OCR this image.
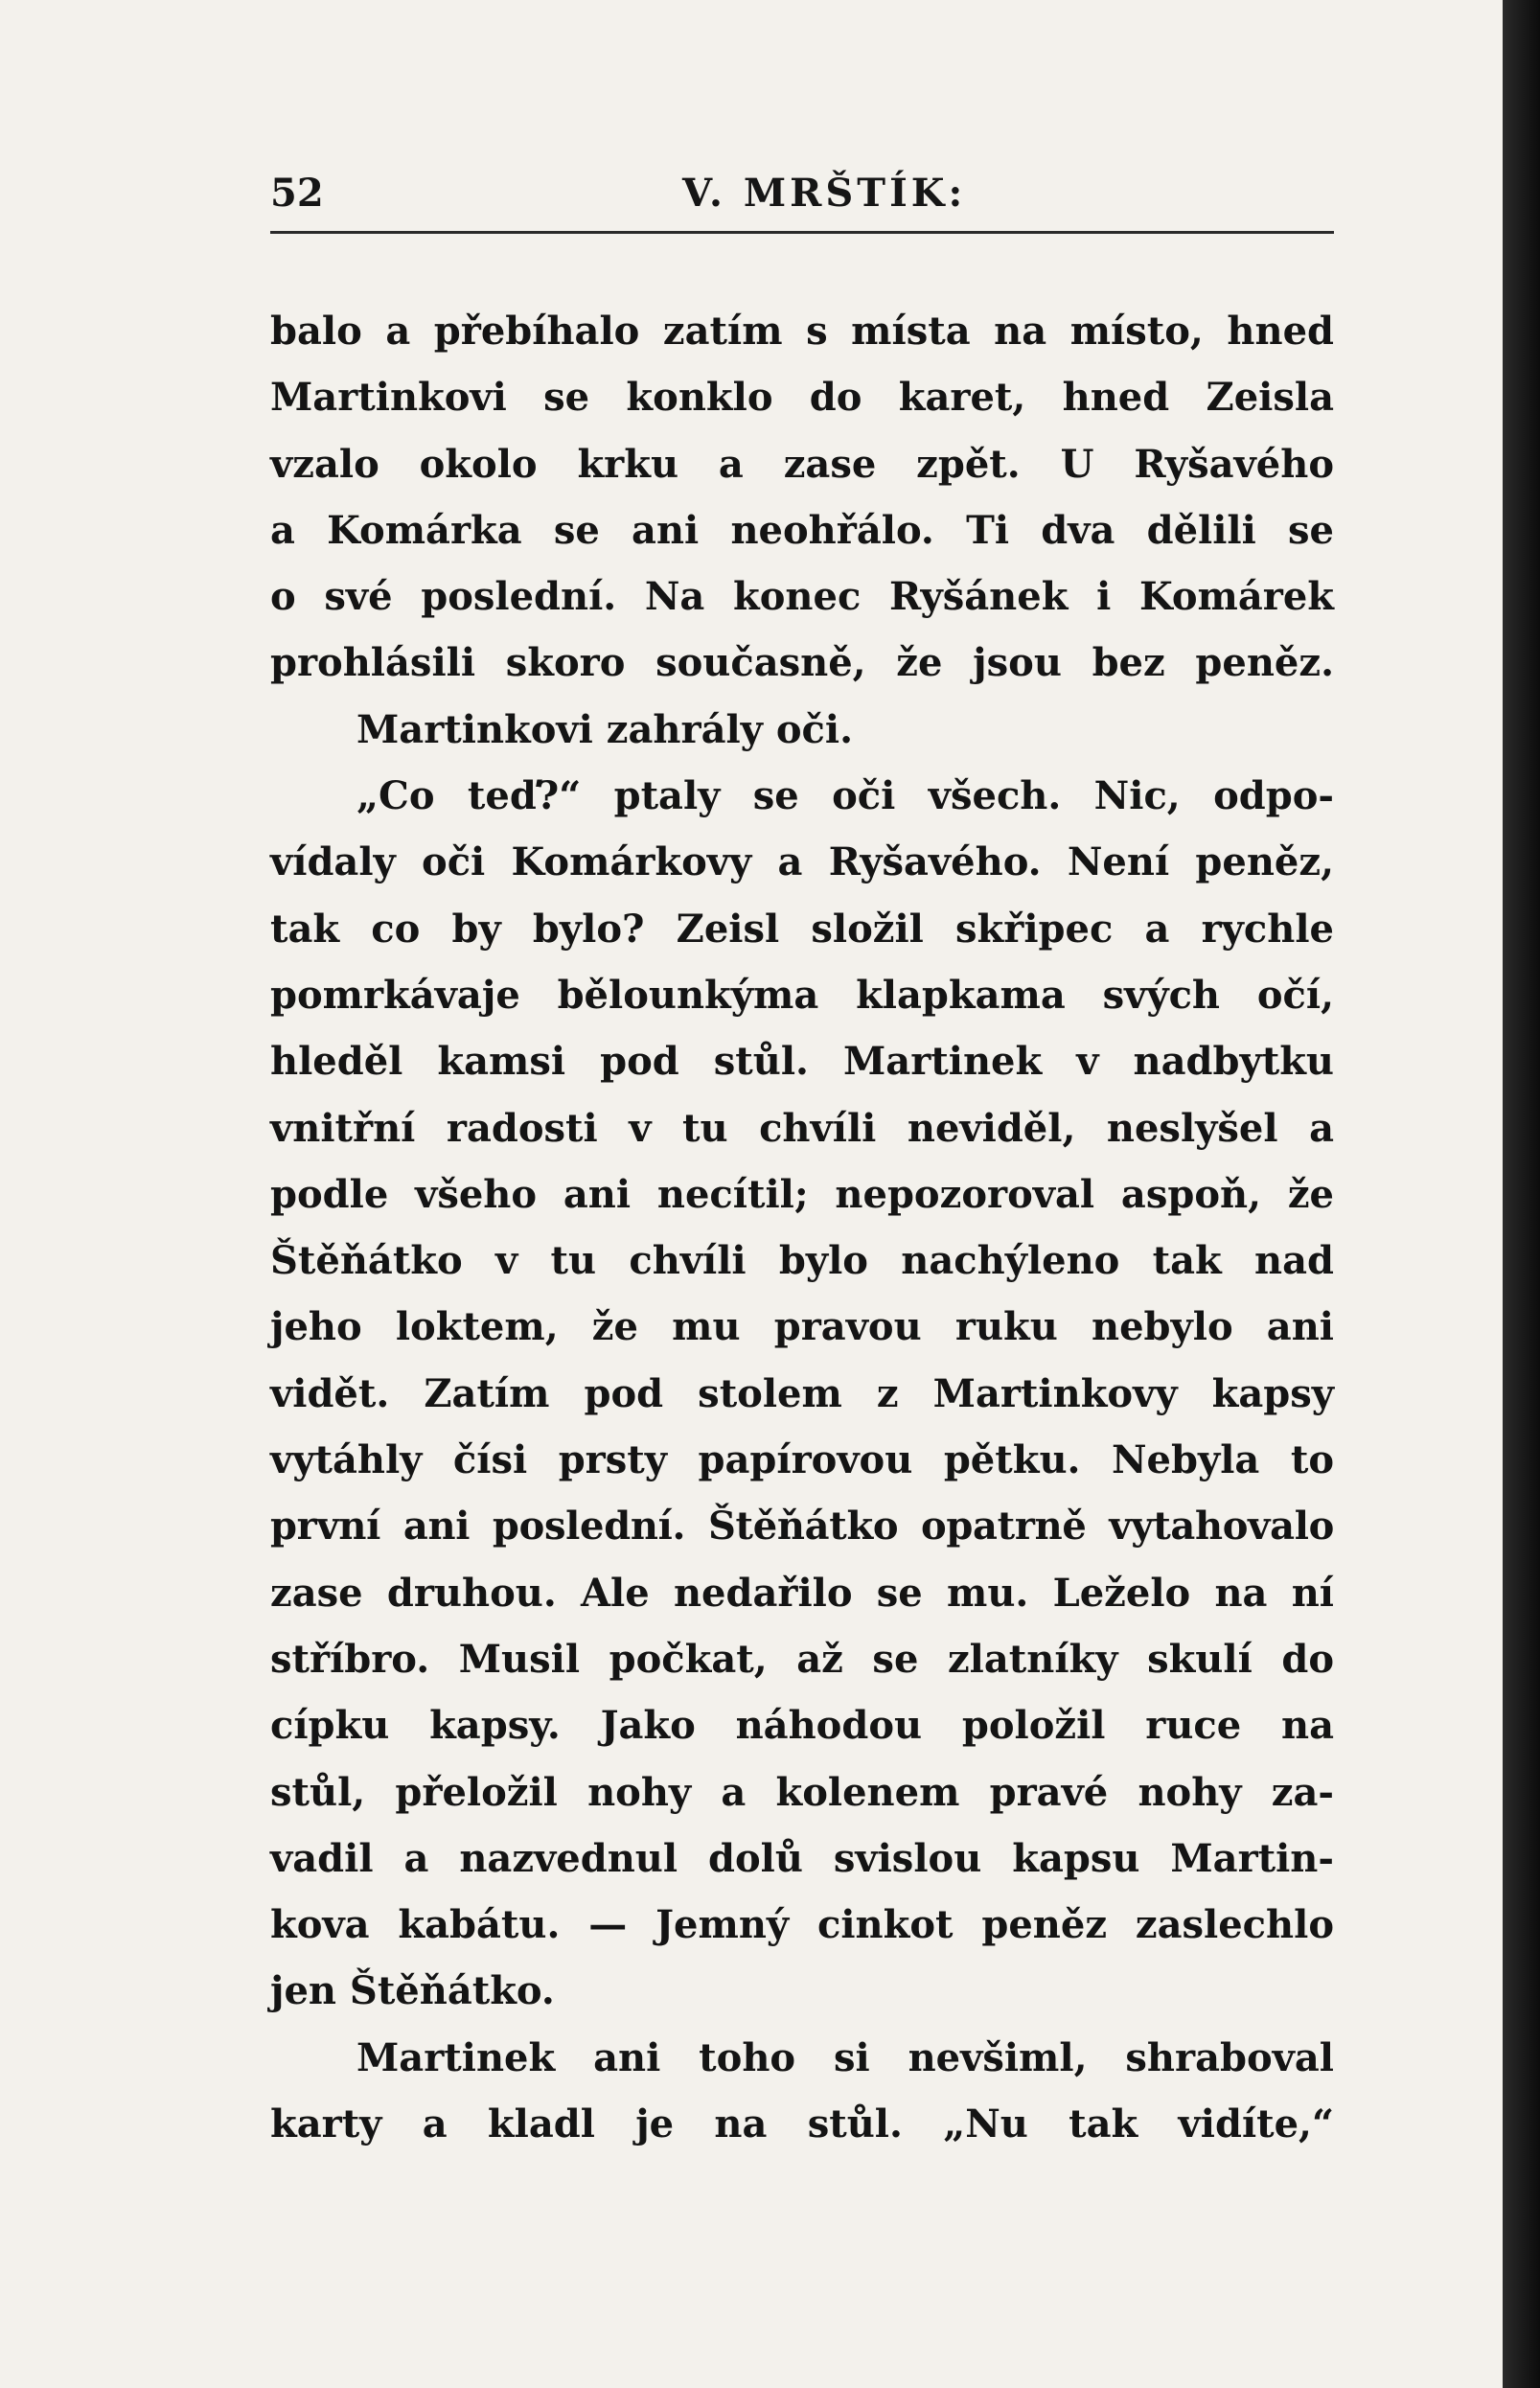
52	V. MRŠTÍK:
balo a přebíhalo zatím s místa na místo, hned
Martinkovi se konklo do karet, hned Zeisla
vzalo okolo krku a zase zpět. U Ryšavého
a Komárka se ani neohřálo. Ti dva dělili se
o své poslední. Na konec Ryšánek i Komárek
prohlásili skoro současně, že jsou bez peněz.
Martinkovi zahrály oči.
„Co teď?“ ptaly se oči všech. Nic, odpo-
vídaly oči Komárkovy a Ryšavého. Není peněz,
tak co by bylo? Zeisl složil skřipec a rychle
pomrkávaje bělounkýma klapkama svých očí,
hleděl kamsi pod stůl. Martinek v nadbytku
vnitřní radosti v tu chvíli neviděl, neslyšel a
podle všeho ani necítil; nepozoroval aspoň, že
Štěňátko v tu chvíli bylo nachýleno tak nad
jeho loktem, že mu pravou ruku nebylo ani
vidět. Zatím pod stolem z Martinkovy kapsy
vytáhly čísi prsty papírovou pětku. Nebyla to
první ani poslední. Štěňátko opatrně vytahovalo
zase druhou. Ale nedařilo se mu. Leželo na ní
stříbro. Musil počkat, až se zlatníky skulí do
cípku kapsy. Jako náhodou položil ruce na
stůl, přeložil nohy a kolenem pravé nohy za-
vadil a nazvednul dolů svislou kapsu Martin-
kova kabátu. — Jemný cinkot peněz zaslechlo
jen Štěňátko.
Martinek ani toho si nevšiml, shraboval
karty a kladl je na stůl. „Nu tak vidíte,“
